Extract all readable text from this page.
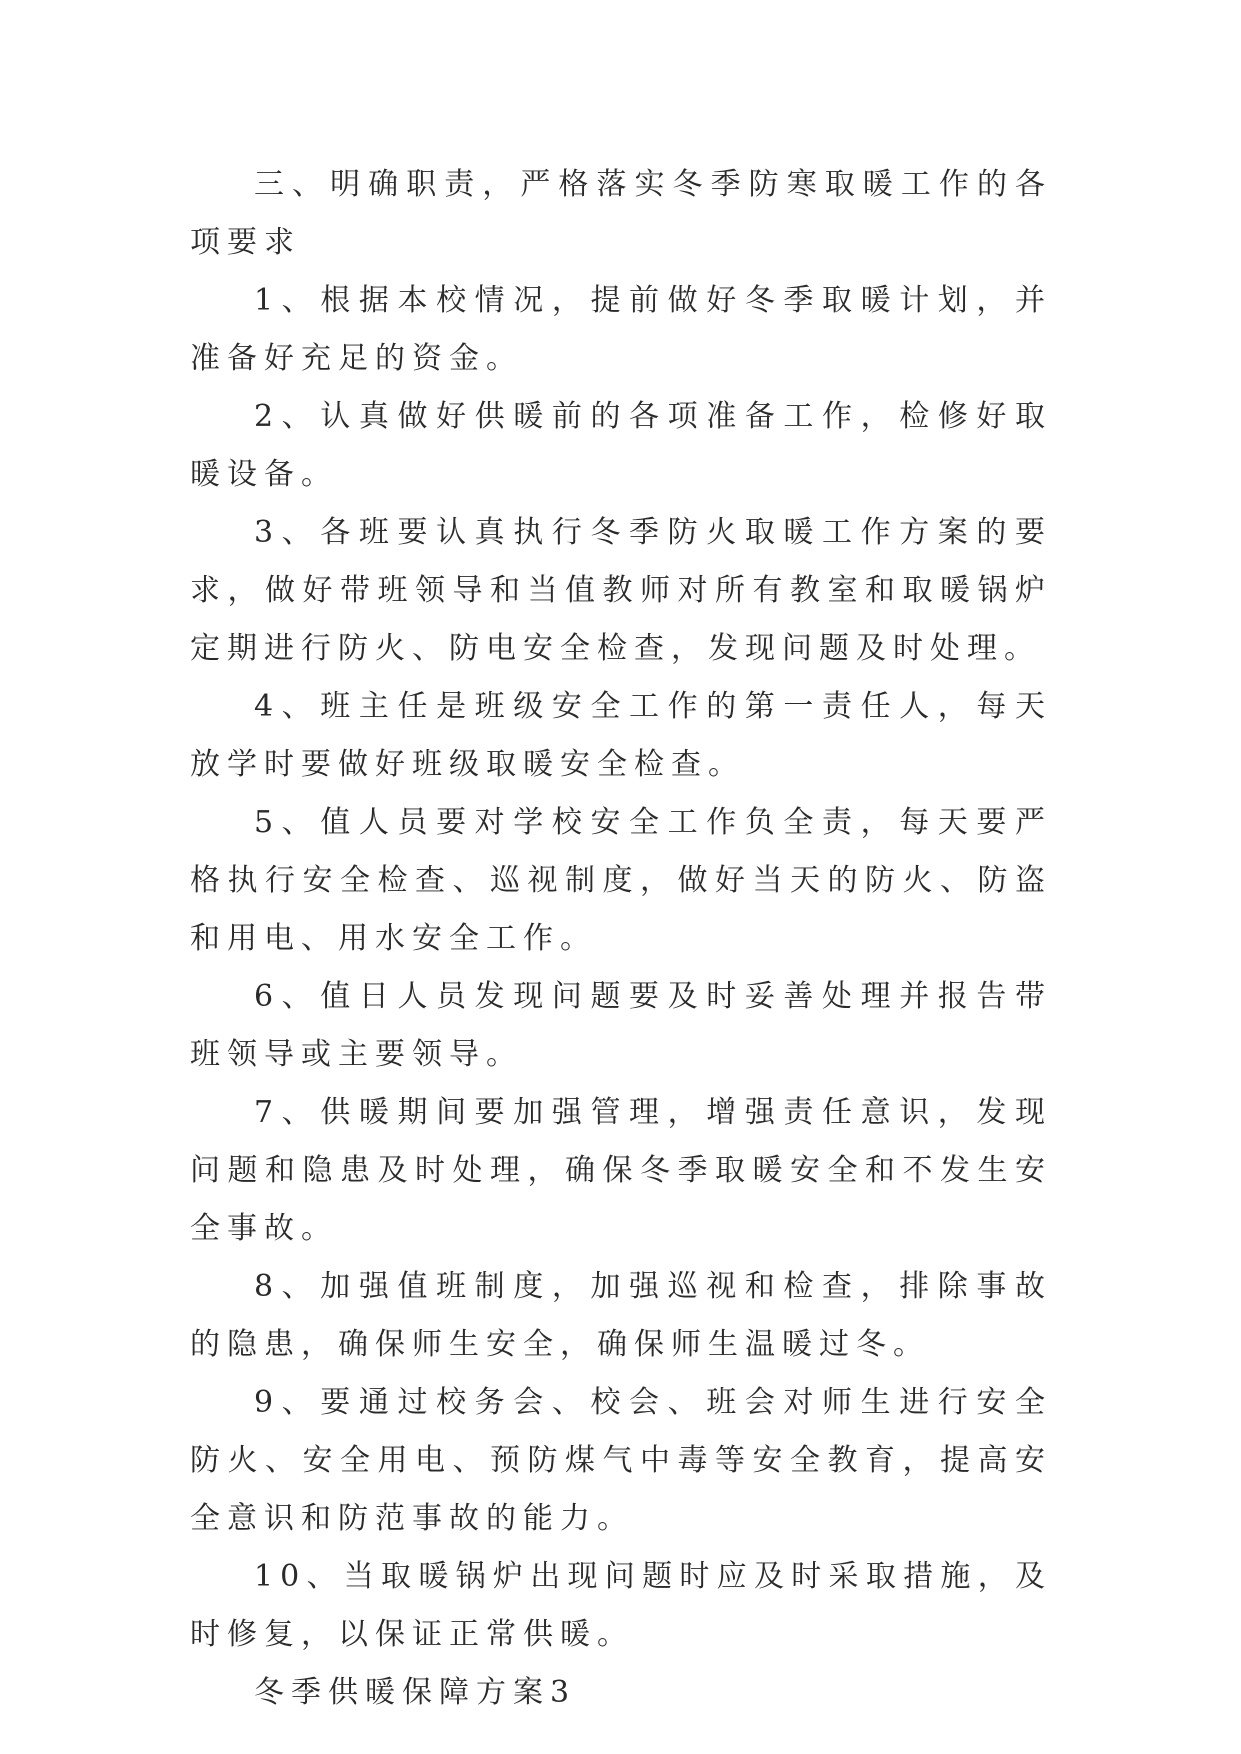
三、明确职责，严格落实冬季防寒取暖工作的各项要求

1、根据本校情况，提前做好冬季取暖计划，并准备好充足的资金。

2、认真做好供暖前的各项准备工作，检修好取暖设备。

3、各班要认真执行冬季防火取暖工作方案的要求，做好带班领导和当值教师对所有教室和取暖锅炉定期进行防火、防电安全检查，发现问题及时处理。

4、班主任是班级安全工作的第一责任人，每天放学时要做好班级取暖安全检查。

5、值人员要对学校安全工作负全责，每天要严格执行安全检查、巡视制度，做好当天的防火、防盗和用电、用水安全工作。

6、值日人员发现问题要及时妥善处理并报告带班领导或主要领导。

7、供暖期间要加强管理，增强责任意识，发现问题和隐患及时处理，确保冬季取暖安全和不发生安全事故。

8、加强值班制度，加强巡视和检查，排除事故的隐患，确保师生安全，确保师生温暖过冬。

9、要通过校务会、校会、班会对师生进行安全防火、安全用电、预防煤气中毒等安全教育，提高安全意识和防范事故的能力。

10、当取暖锅炉出现问题时应及时采取措施，及时修复，以保证正常供暖。

冬季供暖保障方案3
